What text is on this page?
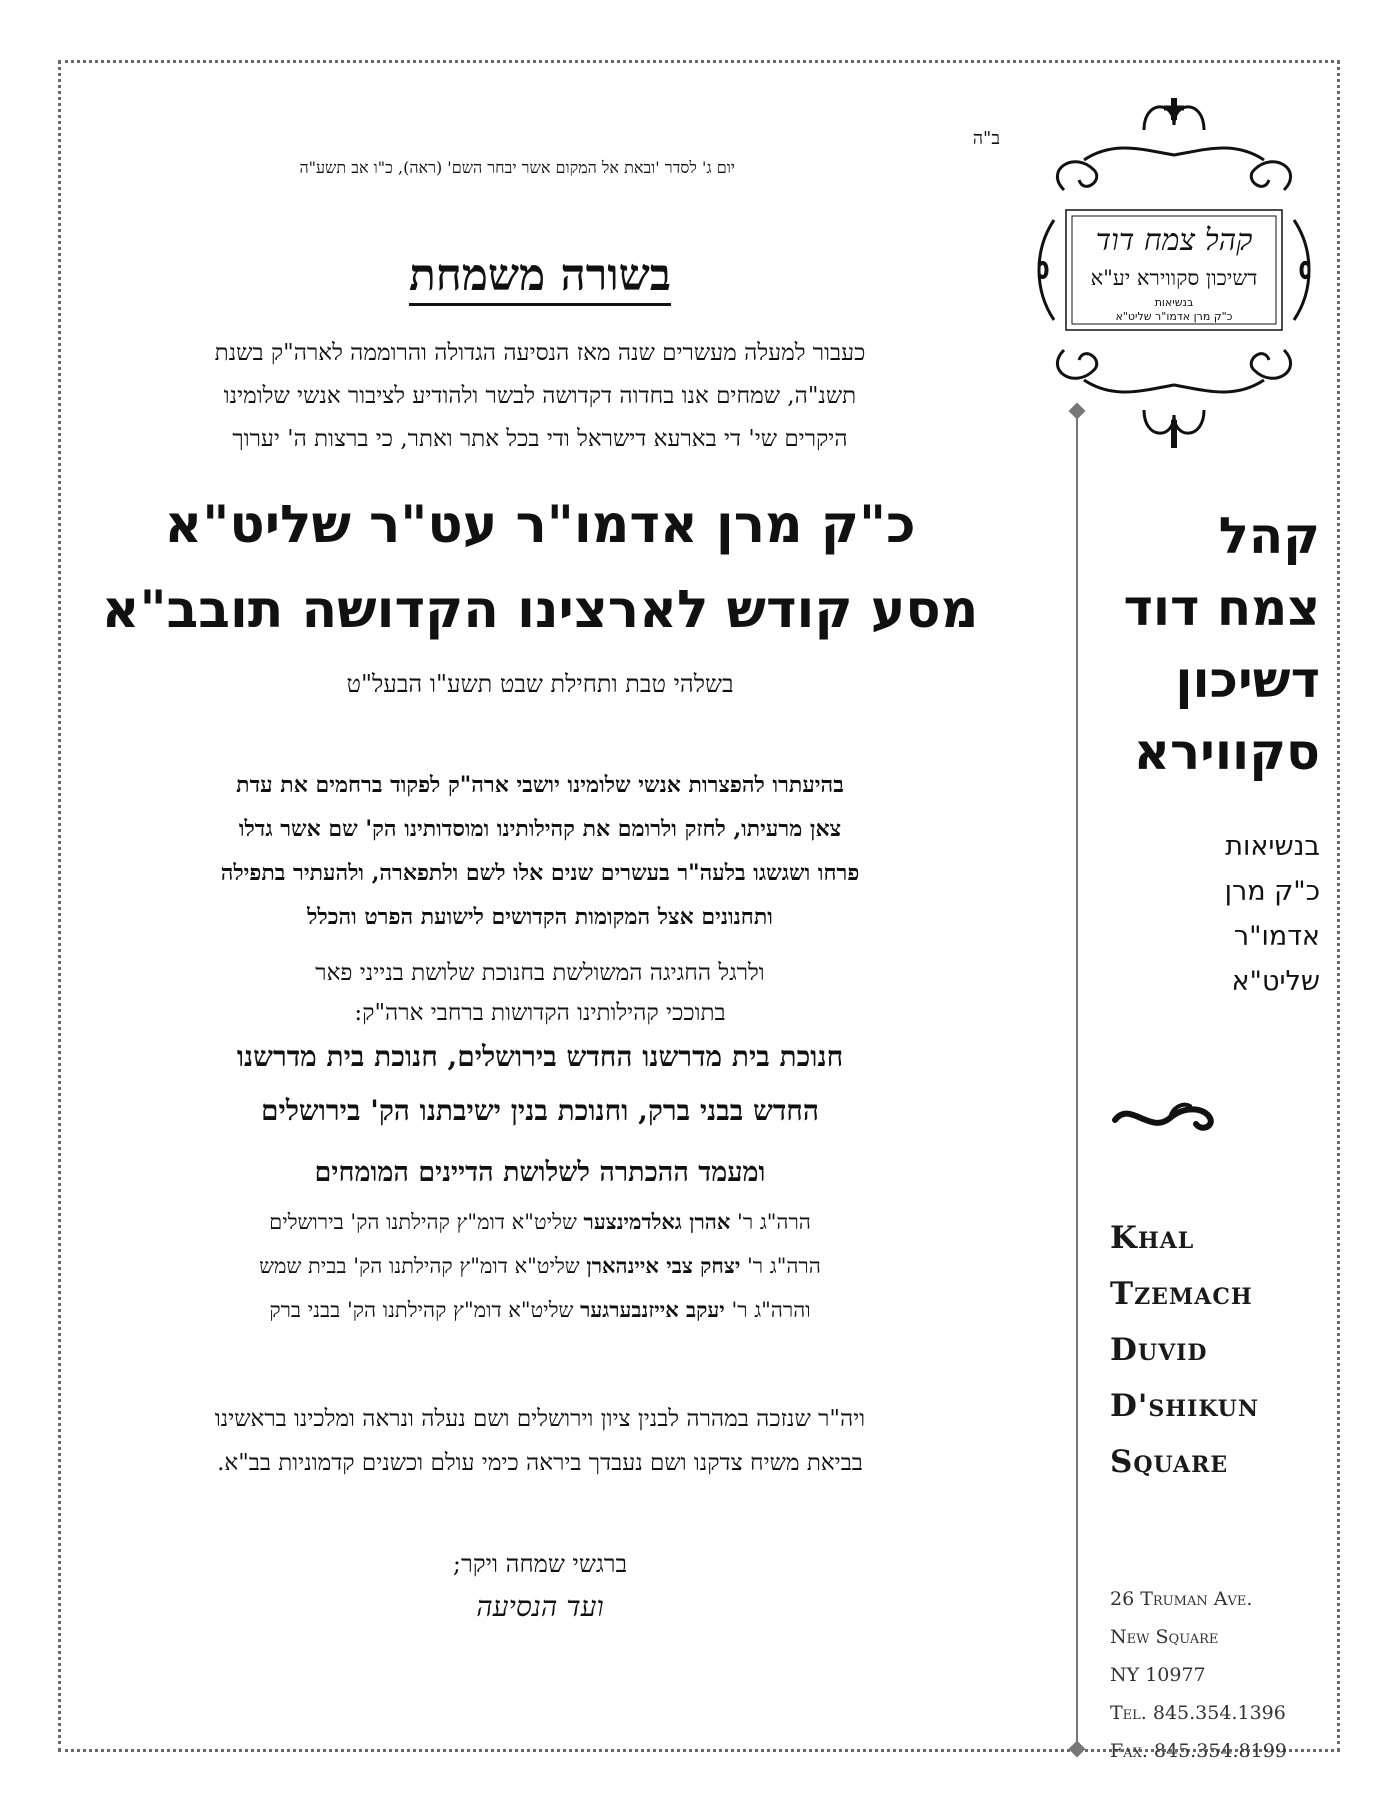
ב"ה
יום ג' לסדר 'ובאת אל המקום אשר יבחר השם' (ראה), כ"ו אב תשע"ה
בשורה משמחת
כעבור למעלה מעשרים שנה מאז הנסיעה הגדולה והרוממה לארה"ק בשנת
תשנ"ה, שמחים אנו בחדוה דקדושה לבשר ולהודיע לציבור אנשי שלומינו
היקרים שי' די בארעא דישראל ודי בכל אתר ואתר, כי ברצות ה' יערוך
כ"ק מרן אדמו"ר עט"ר שליט"א
מסע קודש לארצינו הקדושה תובב"א
בשלהי טבת ותחילת שבט תשע"ו הבעל"ט
בהיעתרו להפצרות אנשי שלומינו יושבי ארה"ק לפקוד ברחמים את עדת
צאן מרעיתו, לחזק ולרומם את קהילותינו ומוסדותינו הק' שם אשר גדלו
פרחו ושגשגו בלעה"ר בעשרים שנים אלו לשם ולתפארה, ולהעתיר בתפילה
ותחנונים אצל המקומות הקדושים לישועת הפרט והכלל
ולרגל החגיגה המשולשת בחנוכת שלושת בנייני פאר
בתוככי קהילותינו הקדושות ברחבי ארה"ק:
חנוכת בית מדרשנו החדש בירושלים, חנוכת בית מדרשנו
החדש בבני ברק, וחנוכת בנין ישיבתנו הק' בירושלים
ומעמד ההכתרה לשלושת הדיינים המומחים
הרה"ג ר' אהרן גאלדמינצער שליט"א דומ"ץ קהילתנו הק' בירושלים
הרה"ג ר' יצחק צבי איינהארן שליט"א דומ"ץ קהילתנו הק' בבית שמש
והרה"ג ר' יעקב אייזנבערגער שליט"א דומ"ץ קהילתנו הק' בבני ברק
ויה"ר שנזכה במהרה לבנין ציון וירושלים ושם נעלה ונראה ומלכינו בראשינו
בביאת משיח צדקנו ושם נעבדך ביראה כימי עולם וכשנים קדמוניות בב"א.
ברגשי שמחה ויקר;
ועד הנסיעה
קהל צמח דוד
דשיכון סקווירא יע"א
בנשיאות
כ"ק מרן אדמו"ר שליט"א
קהל
צמח דוד
דשיכון
סקווירא
בנשיאות
כ"ק מרן
אדמו"ר
שליט"א
Khal
Tzemach
Duvid
D'shikun
Square
26 Truman Ave.
New Square
NY 10977
Tel. 845.354.1396
Fax. 845.354.8199
